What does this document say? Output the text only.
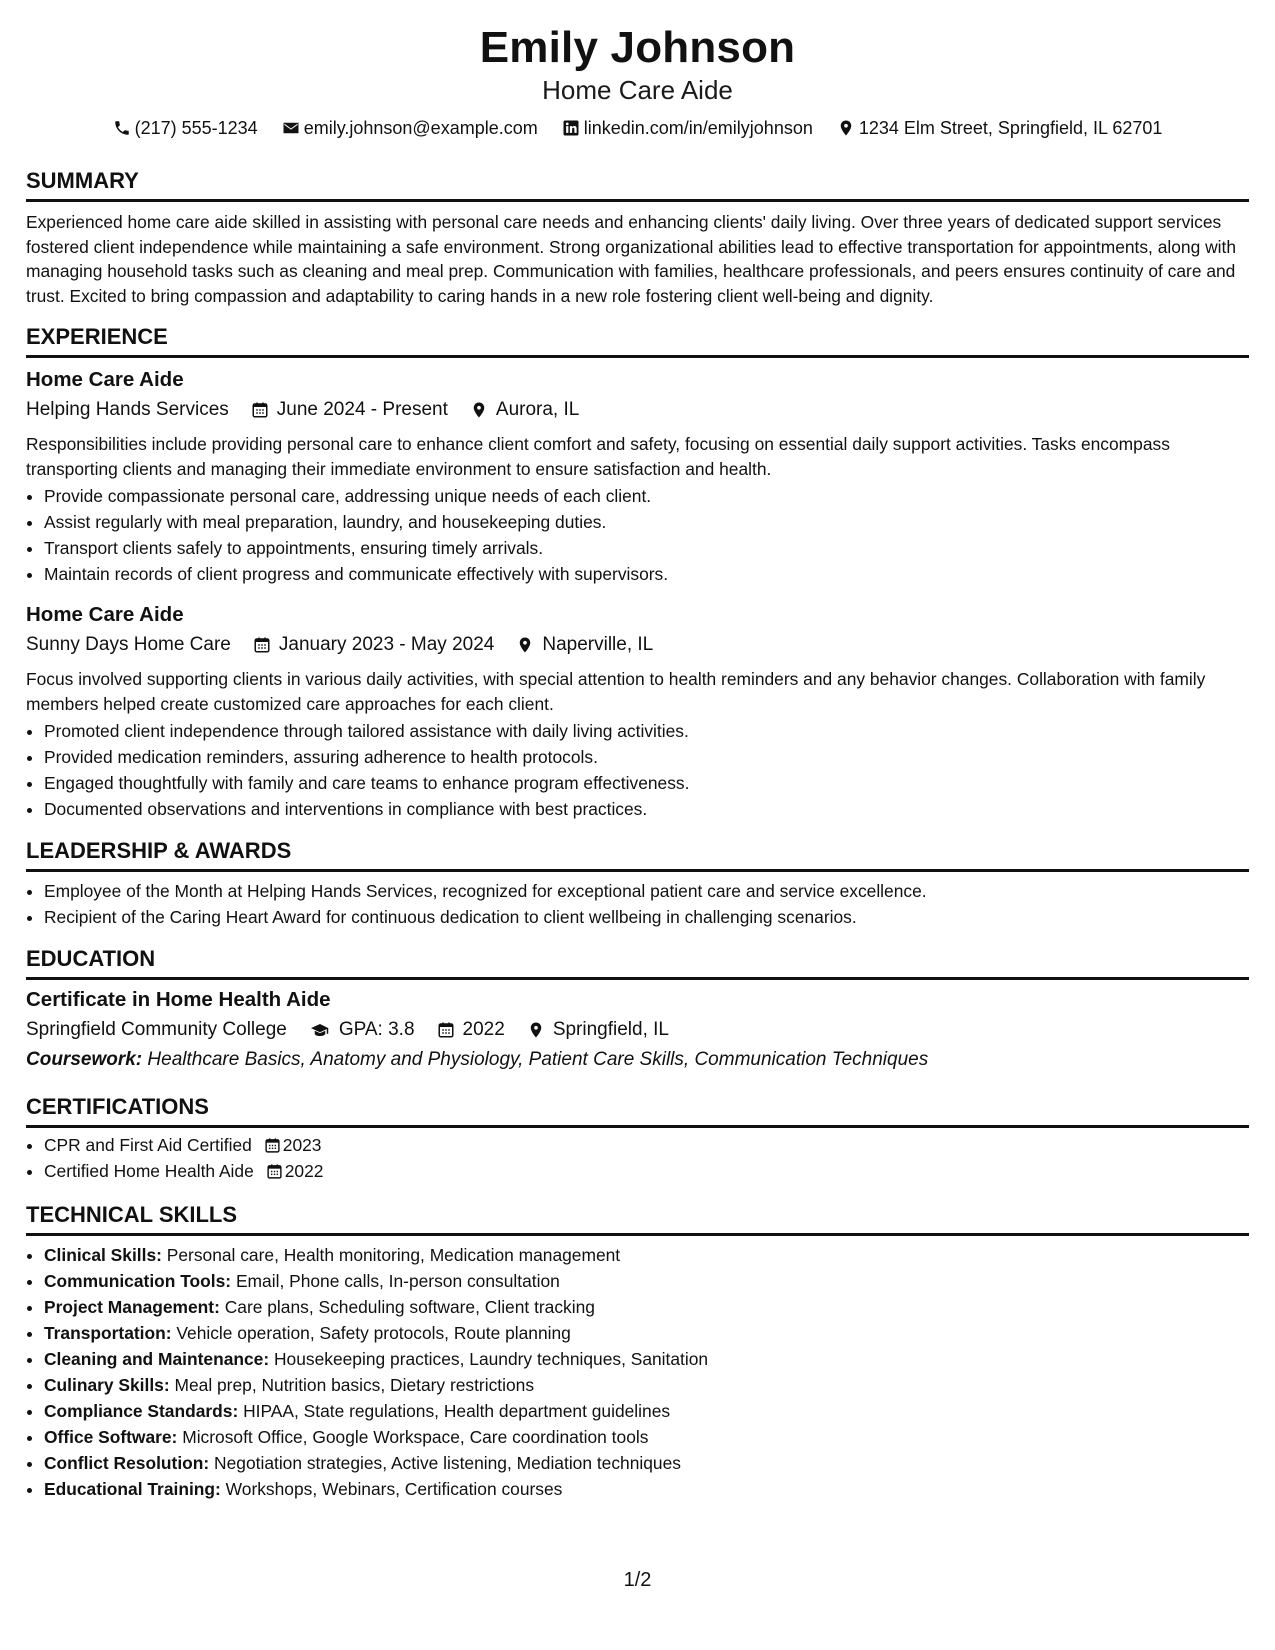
Emily Johnson
Home Care Aide
(217) 555-1234	emily.johnson@example.com	linkedin.com/in/emilyjohnson	1234 Elm Street, Springfield, IL 62701
SUMMARY
Experienced home care aide skilled in assisting with personal care needs and enhancing clients' daily living. Over three years of dedicated support services fostered client independence while maintaining a safe environment. Strong organizational abilities lead to effective transportation for appointments, along with managing household tasks such as cleaning and meal prep. Communication with families, healthcare professionals, and peers ensures continuity of care and trust. Excited to bring compassion and adaptability to caring hands in a new role fostering client well-being and dignity.
EXPERIENCE
Home Care Aide
Helping Hands Services	June 2024 - Present	Aurora, IL
Responsibilities include providing personal care to enhance client comfort and safety, focusing on essential daily support activities. Tasks encompass transporting clients and managing their immediate environment to ensure satisfaction and health.
• Provide compassionate personal care, addressing unique needs of each client.
• Assist regularly with meal preparation, laundry, and housekeeping duties.
• Transport clients safely to appointments, ensuring timely arrivals.
• Maintain records of client progress and communicate effectively with supervisors.
Home Care Aide
Sunny Days Home Care	January 2023 - May 2024	Naperville, IL
Focus involved supporting clients in various daily activities, with special attention to health reminders and any behavior changes. Collaboration with family members helped create customized care approaches for each client.
• Promoted client independence through tailored assistance with daily living activities.
• Provided medication reminders, assuring adherence to health protocols.
• Engaged thoughtfully with family and care teams to enhance program effectiveness.
• Documented observations and interventions in compliance with best practices.
LEADERSHIP & AWARDS
• Employee of the Month at Helping Hands Services, recognized for exceptional patient care and service excellence.
• Recipient of the Caring Heart Award for continuous dedication to client wellbeing in challenging scenarios.
EDUCATION
Certificate in Home Health Aide
Springfield Community College	GPA: 3.8	2022	Springfield, IL
Coursework: Healthcare Basics, Anatomy and Physiology, Patient Care Skills, Communication Techniques
CERTIFICATIONS
• CPR and First Aid Certified 2023
• Certified Home Health Aide 2022
TECHNICAL SKILLS
• Clinical Skills: Personal care, Health monitoring, Medication management
• Communication Tools: Email, Phone calls, In-person consultation
• Project Management: Care plans, Scheduling software, Client tracking
• Transportation: Vehicle operation, Safety protocols, Route planning
• Cleaning and Maintenance: Housekeeping practices, Laundry techniques, Sanitation
• Culinary Skills: Meal prep, Nutrition basics, Dietary restrictions
• Compliance Standards: HIPAA, State regulations, Health department guidelines
• Office Software: Microsoft Office, Google Workspace, Care coordination tools
• Conflict Resolution: Negotiation strategies, Active listening, Mediation techniques
• Educational Training: Workshops, Webinars, Certification courses
1/2
